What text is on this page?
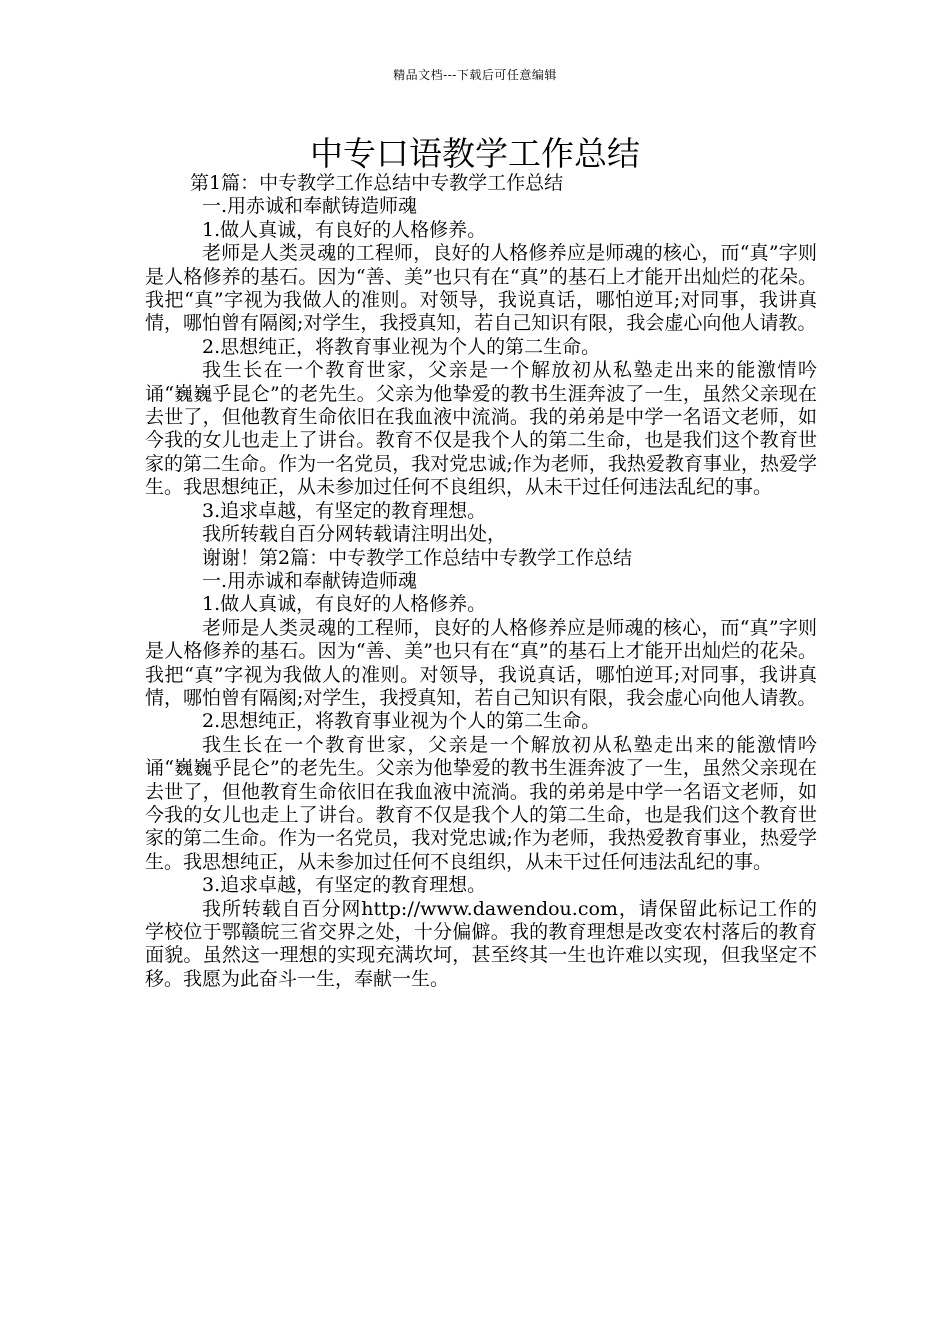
精品文档---下载后可任意编辑
中专口语教学工作总结

第1篇：中专教学工作总结中专教学工作总结

一.用赤诚和奉献铸造师魂

1.做人真诚，有良好的人格修养。

老师是人类灵魂的工程师，良好的人格修养应是师魂的核心，而“真”字则是人格修养的基石。因为“善、美”也只有在“真”的基石上才能开出灿烂的花朵。我把“真”字视为我做人的准则。对领导，我说真话，哪怕逆耳;对同事，我讲真情，哪怕曾有隔阂;对学生，我授真知，若自己知识有限，我会虚心向他人请教。

2.思想纯正，将教育事业视为个人的第二生命。

我生长在一个教育世家，父亲是一个解放初从私塾走出来的能激情吟诵“巍巍乎昆仑”的老先生。父亲为他挚爱的教书生涯奔波了一生，虽然父亲现在去世了，但他教育生命依旧在我血液中流淌。我的弟弟是中学一名语文老师，如今我的女儿也走上了讲台。教育不仅是我个人的第二生命，也是我们这个教育世家的第二生命。作为一名党员，我对党忠诚;作为老师，我热爱教育事业，热爱学生。我思想纯正，从未参加过任何不良组织，从未干过任何违法乱纪的事。

3.追求卓越，有坚定的教育理想。

我所转载自百分网转载请注明出处，

谢谢！第2篇：中专教学工作总结中专教学工作总结

一.用赤诚和奉献铸造师魂

1.做人真诚，有良好的人格修养。

老师是人类灵魂的工程师，良好的人格修养应是师魂的核心，而“真”字则是人格修养的基石。因为“善、美”也只有在“真”的基石上才能开出灿烂的花朵。我把“真”字视为我做人的准则。对领导，我说真话，哪怕逆耳;对同事，我讲真情，哪怕曾有隔阂;对学生，我授真知，若自己知识有限，我会虚心向他人请教。

2.思想纯正，将教育事业视为个人的第二生命。

我生长在一个教育世家，父亲是一个解放初从私塾走出来的能激情吟诵“巍巍乎昆仑”的老先生。父亲为他挚爱的教书生涯奔波了一生，虽然父亲现在去世了，但他教育生命依旧在我血液中流淌。我的弟弟是中学一名语文老师，如今我的女儿也走上了讲台。教育不仅是我个人的第二生命，也是我们这个教育世家的第二生命。作为一名党员，我对党忠诚;作为老师，我热爱教育事业，热爱学生。我思想纯正，从未参加过任何不良组织，从未干过任何违法乱纪的事。

3.追求卓越，有坚定的教育理想。

我所转载自百分网http://www.dawendou.com，请保留此标记工作的学校位于鄂赣皖三省交界之处，十分偏僻。我的教育理想是改变农村落后的教育面貌。虽然这一理想的实现充满坎坷，甚至终其一生也许难以实现，但我坚定不移。我愿为此奋斗一生，奉献一生。
